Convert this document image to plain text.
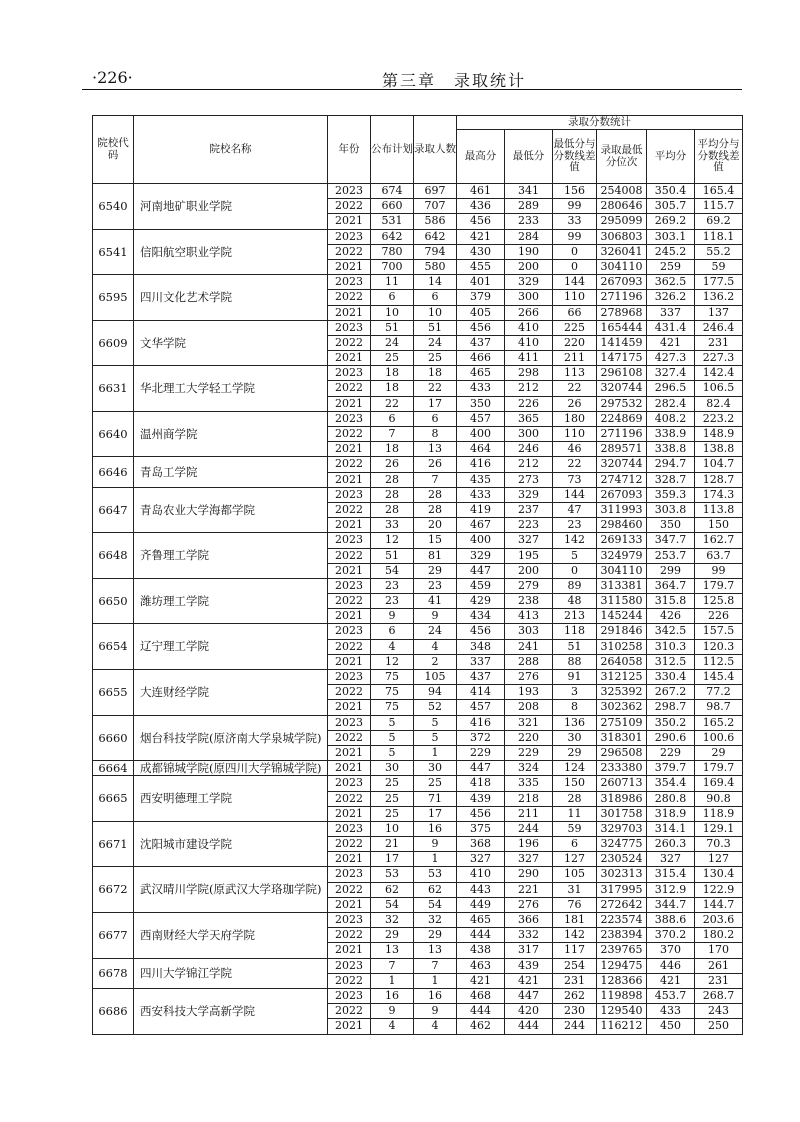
·226·	第三章　录取统计
院校代码	院校名称	年份	公布计划	录取人数	录取分数统计					
					最高分	最低分	最低分与分数线差值	录取最低分位次	平均分	平均分与分数线差值
6540	河南地矿职业学院	2023	674	697	461	341	156	254008	350.4	165.4
		2022	660	707	436	289	99	280646	305.7	115.7
		2021	531	586	456	233	33	295099	269.2	69.2
6541	信阳航空职业学院	2023	642	642	421	284	99	306803	303.1	118.1
		2022	780	794	430	190	0	326041	245.2	55.2
		2021	700	580	455	200	0	304110	259	59
6595	四川文化艺术学院	2023	11	14	401	329	144	267093	362.5	177.5
		2022	6	6	379	300	110	271196	326.2	136.2
		2021	10	10	405	266	66	278968	337	137
6609	文华学院	2023	51	51	456	410	225	165444	431.4	246.4
		2022	24	24	437	410	220	141459	421	231
		2021	25	25	466	411	211	147175	427.3	227.3
6631	华北理工大学轻工学院	2023	18	18	465	298	113	296108	327.4	142.4
		2022	18	22	433	212	22	320744	296.5	106.5
		2021	22	17	350	226	26	297532	282.4	82.4
6640	温州商学院	2023	6	6	457	365	180	224869	408.2	223.2
		2022	7	8	400	300	110	271196	338.9	148.9
		2021	18	13	464	246	46	289571	338.8	138.8
6646	青岛工学院	2022	26	26	416	212	22	320744	294.7	104.7
		2021	28	7	435	273	73	274712	328.7	128.7
6647	青岛农业大学海都学院	2023	28	28	433	329	144	267093	359.3	174.3
		2022	28	28	419	237	47	311993	303.8	113.8
		2021	33	20	467	223	23	298460	350	150
6648	齐鲁理工学院	2023	12	15	400	327	142	269133	347.7	162.7
		2022	51	81	329	195	5	324979	253.7	63.7
		2021	54	29	447	200	0	304110	299	99
6650	潍坊理工学院	2023	23	23	459	279	89	313381	364.7	179.7
		2022	23	41	429	238	48	311580	315.8	125.8
		2021	9	9	434	413	213	145244	426	226
6654	辽宁理工学院	2023	6	24	456	303	118	291846	342.5	157.5
		2022	4	4	348	241	51	310258	310.3	120.3
		2021	12	2	337	288	88	264058	312.5	112.5
6655	大连财经学院	2023	75	105	437	276	91	312125	330.4	145.4
		2022	75	94	414	193	3	325392	267.2	77.2
		2021	75	52	457	208	8	302362	298.7	98.7
6660	烟台科技学院(原济南大学泉城学院)	2023	5	5	416	321	136	275109	350.2	165.2
		2022	5	5	372	220	30	318301	290.6	100.6
		2021	5	1	229	229	29	296508	229	29
6664	成都锦城学院(原四川大学锦城学院)	2021	30	30	447	324	124	233380	379.7	179.7
6665	西安明德理工学院	2023	25	25	418	335	150	260713	354.4	169.4
		2022	25	71	439	218	28	318986	280.8	90.8
		2021	25	17	456	211	11	301758	318.9	118.9
6671	沈阳城市建设学院	2023	10	16	375	244	59	329703	314.1	129.1
		2022	21	9	368	196	6	324775	260.3	70.3
		2021	17	1	327	327	127	230524	327	127
6672	武汉晴川学院(原武汉大学珞珈学院)	2023	53	53	410	290	105	302313	315.4	130.4
		2022	62	62	443	221	31	317995	312.9	122.9
		2021	54	54	449	276	76	272642	344.7	144.7
6677	西南财经大学天府学院	2023	32	32	465	366	181	223574	388.6	203.6
		2022	29	29	444	332	142	238394	370.2	180.2
		2021	13	13	438	317	117	239765	370	170
6678	四川大学锦江学院	2023	7	7	463	439	254	129475	446	261
		2022	1	1	421	421	231	128366	421	231
6686	西安科技大学高新学院	2023	16	16	468	447	262	119898	453.7	268.7
		2022	9	9	444	420	230	129540	433	243
		2021	4	4	462	444	244	116212	450	250
